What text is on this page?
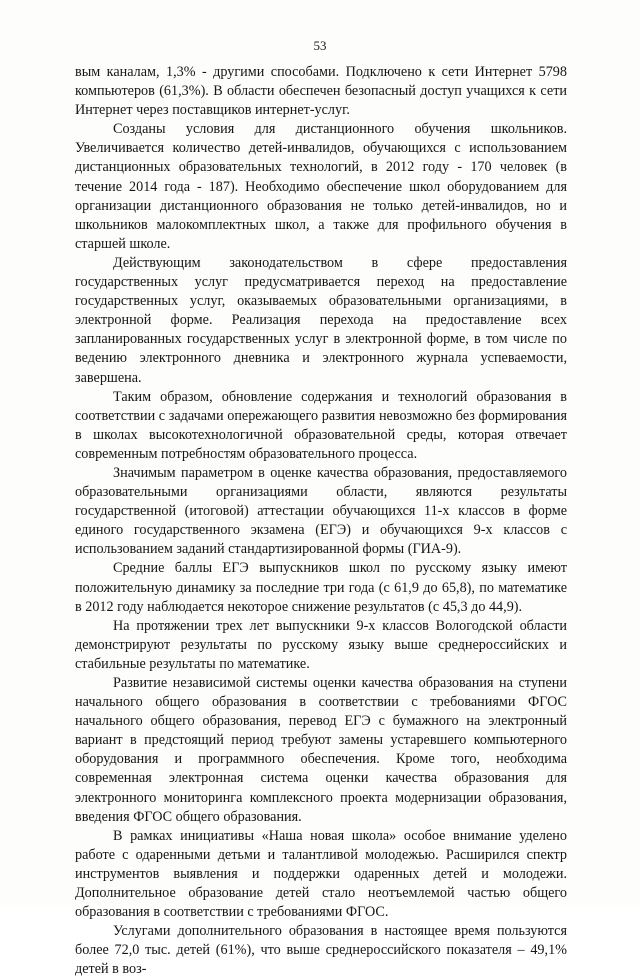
53

вым каналам, 1,3% - другими способами. Подключено к сети Интернет 5798 компьютеров (61,3%). В области обеспечен безопасный доступ учащихся к сети Интернет через поставщиков интернет-услуг.

Созданы условия для дистанционного обучения школьников. Увеличивается количество детей-инвалидов, обучающихся с использованием дистанционных образовательных технологий, в 2012 году - 170 человек (в течение 2014 года - 187). Необходимо обеспечение школ оборудованием для организации дистанционного образования не только детей-инвалидов, но и школьников малокомплектных школ, а также для профильного обучения в старшей школе.

Действующим законодательством в сфере предоставления государственных услуг предусматривается переход на предоставление государственных услуг, оказываемых образовательными организациями, в электронной форме. Реализация перехода на предоставление всех запланированных государственных услуг в электронной форме, в том числе по ведению электронного дневника и электронного журнала успеваемости, завершена.

Таким образом, обновление содержания и технологий образования в соответствии с задачами опережающего развития невозможно без формирования в школах высокотехнологичной образовательной среды, которая отвечает современным потребностям образовательного процесса.

Значимым параметром в оценке качества образования, предоставляемого образовательными организациями области, являются результаты государственной (итоговой) аттестации обучающихся 11-х классов в форме единого государственного экзамена (ЕГЭ) и обучающихся 9-х классов с использованием заданий стандартизированной формы (ГИА-9).

Средние баллы ЕГЭ выпускников школ по русскому языку имеют положительную динамику за последние три года (с 61,9 до 65,8), по математике в 2012 году наблюдается некоторое снижение результатов (с 45,3 до 44,9).

На протяжении трех лет выпускники 9-х классов Вологодской области демонстрируют результаты по русскому языку выше среднероссийских и стабильные результаты по математике.

Развитие независимой системы оценки качества образования на ступени начального общего образования в соответствии с требованиями ФГОС начального общего образования, перевод ЕГЭ с бумажного на электронный вариант в предстоящий период требуют замены устаревшего компьютерного оборудования и программного обеспечения. Кроме того, необходима современная электронная система оценки качества образования для электронного мониторинга комплексного проекта модернизации образования, введения ФГОС общего образования.

В рамках инициативы «Наша новая школа» особое внимание уделено работе с одаренными детьми и талантливой молодежью. Расширился спектр инструментов выявления и поддержки одаренных детей и молодежи. Дополнительное образование детей стало неотъемлемой частью общего образования в соответствии с требованиями ФГОС.

Услугами дополнительного образования в настоящее время пользуются более 72,0 тыс. детей (61%), что выше среднероссийского показателя – 49,1% детей в воз-
